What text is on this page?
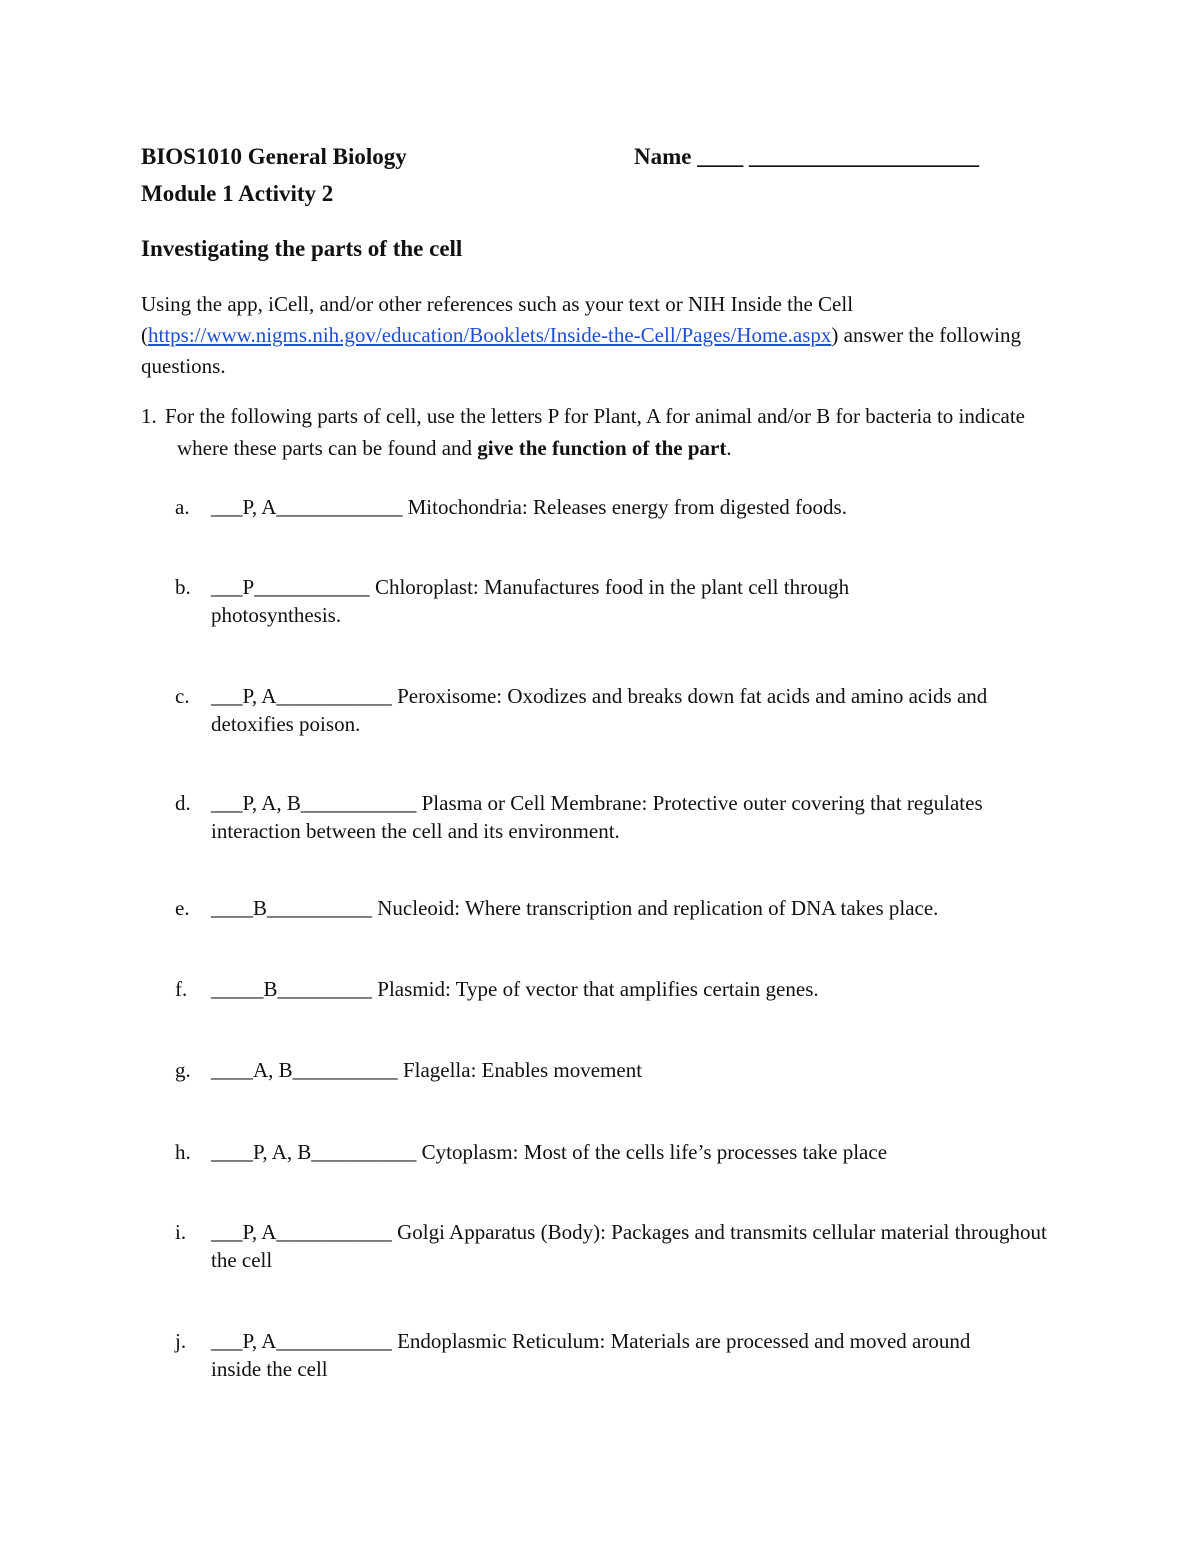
BIOS1010 General Biology	Name ____ ____________________
Module 1 Activity 2
Investigating the parts of the cell
Using the app, iCell, and/or other references such as your text or NIH Inside the Cell (https://www.nigms.nih.gov/education/Booklets/Inside-the-Cell/Pages/Home.aspx) answer the following questions.
1. For the following parts of cell, use the letters P for Plant, A for animal and/or B for bacteria to indicate where these parts can be found and give the function of the part.
a. ___P, A____________ Mitochondria: Releases energy from digested foods.
b. ___P___________ Chloroplast: Manufactures food in the plant cell through photosynthesis.
c. ___P, A___________ Peroxisome: Oxodizes and breaks down fat acids and amino acids and detoxifies poison.
d. ___P, A, B___________ Plasma or Cell Membrane: Protective outer covering that regulates interaction between the cell and its environment.
e. ____B__________ Nucleoid: Where transcription and replication of DNA takes place.
f. _____B_________ Plasmid: Type of vector that amplifies certain genes.
g. ____A, B__________ Flagella: Enables movement
h. ____P, A, B__________ Cytoplasm: Most of the cells life’s processes take place
i. ___P, A___________ Golgi Apparatus (Body): Packages and transmits cellular material throughout the cell
j. ___P, A___________ Endoplasmic Reticulum: Materials are processed and moved around inside the cell
